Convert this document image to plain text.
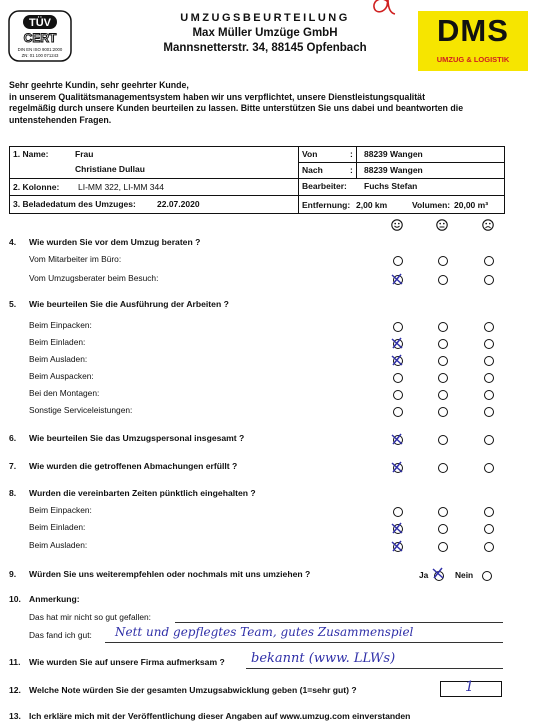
TÜV
CERT
DIN EN ISO 9001:2000
ZN: 01 100 071243
UMZUGSBEURTEILUNG
Max Müller Umzüge GmbH
Mannsnetterstr. 34, 88145 Opfenbach	DMS
UMZUG & LOGISTIK
Sehr geehrte Kundin, sehr geehrter Kunde,
in unserem Qualitätsmanagementsystem haben wir uns verpflichtet, unsere Dienstleistungsqualität
regelmäßig durch unsere Kunden beurteilen zu lassen. Bitte unterstützen Sie uns dabei und beantworten die
untenstehenden Fragen.
1. Name:	Frau
Christiane Dullau
Von	: 88239 Wangen
Nach	: 88239 Wangen
2. Kolonne: LI-MM 322, LI-MM 344	Bearbeiter: Fuchs Stefan
3. Beladedatum des Umzuges: 22.07.2020	Entfernung: 2,00 km	Volumen: 20,00 m³
4. Wie wurden Sie vor dem Umzug beraten ?
Vom Mitarbeiter im Büro:
Vom Umzugsberater beim Besuch:
5. Wie beurteilen Sie die Ausführung der Arbeiten ?
Beim Einpacken:
Beim Einladen:
Beim Ausladen:
Beim Auspacken:
Bei den Montagen:
Sonstige Serviceleistungen:
6. Wie beurteilen Sie das Umzugspersonal insgesamt ?
7. Wie wurden die getroffenen Abmachungen erfüllt ?
8. Wurden die vereinbarten Zeiten pünktlich eingehalten ?
Beim Einpacken:
Beim Einladen:
Beim Ausladen:
9. Würden Sie uns weiterempfehlen oder nochmals mit uns umziehen ?	Ja	Nein
10. Anmerkung:
Das hat mir nicht so gut gefallen:
Das fand ich gut: Nett und gepflegtes Team, gutes Zusammenspiel
11. Wie wurden Sie auf unsere Firma aufmerksam ? bekannt (www. LLWs)
12. Welche Note würden Sie der gesamten Umzugsabwicklung geben (1=sehr gut) ?	1
13. Ich erkläre mich mit der Veröffentlichung dieser Angaben auf www.umzug.com einverstanden
